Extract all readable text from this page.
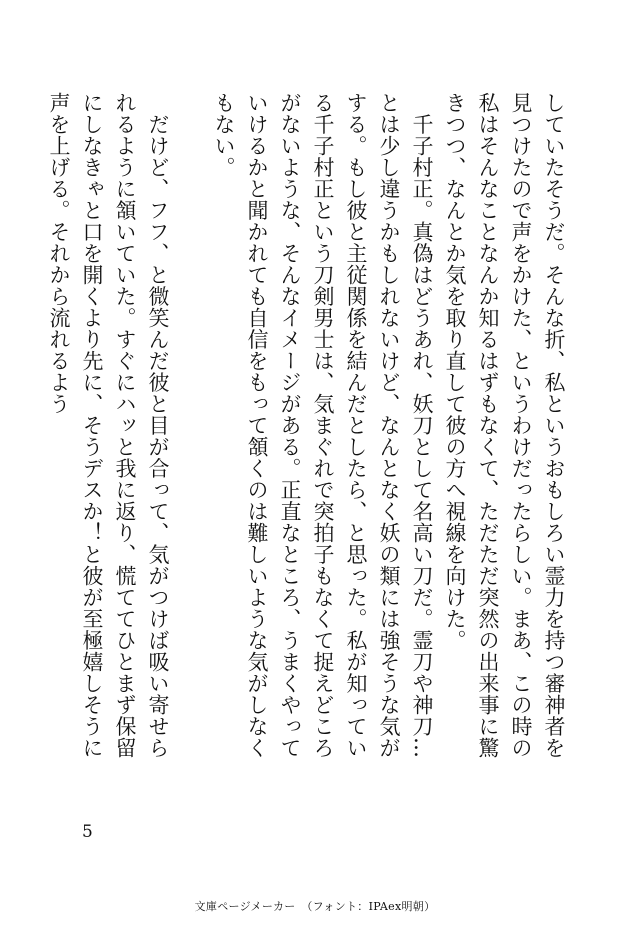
していたそうだ。そんな折、私というおもしろい霊力を持つ審神者を見つけたので声をかけた、というわけだったらしい。まあ、この時の私はそんなことなんか知るはずもなくて、ただただ突然の出来事に驚きつつ、なんとか気を取り直して彼の方へ視線を向けた。

　千子村正。真偽はどうあれ、妖刀として名高い刀だ。霊刀や神刀…とは少し違うかもしれないけど、なんとなく妖の類には強そうな気がする。もし彼と主従関係を結んだとしたら、と思った。私が知っている千子村正という刀剣男士は、気まぐれで突拍子もなくて捉えどころがないような、そんなイメージがある。正直なところ、うまくやっていけるかと聞かれても自信をもって頷くのは難しいような気がしなくもない。

　だけど、フフ、と微笑んだ彼と目が合って、気がつけば吸い寄せられるように頷いていた。すぐにハッと我に返り、慌ててひとまず保留にしなきゃと口を開くより先に、そうデスか！と彼が至極嬉しそうに声を上げる。それから流れるよう

5
文庫ページメーカー　（フォント：IPAex明朝）
